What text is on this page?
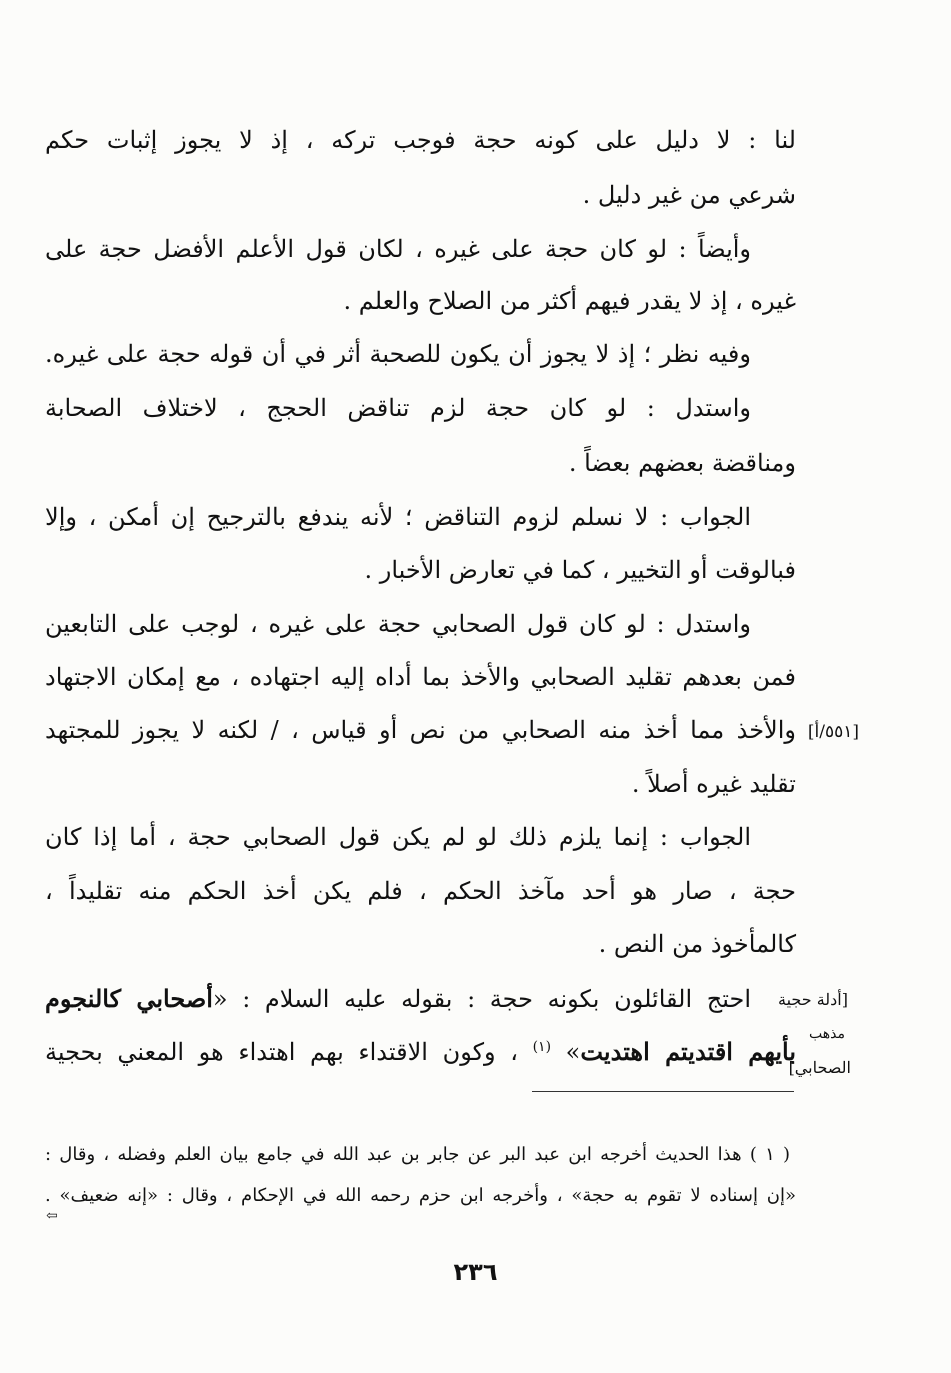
لنا : لا دليل على كونه حجة فوجب تركه ، إذ لا يجوز إثبات حكم
شرعي من غير دليل .
وأيضاً : لو كان حجة على غيره ، لكان قول الأعلم الأفضل حجة على
غيره ، إذ لا يقدر فيهم أكثر من الصلاح والعلم .
وفيه نظر ؛ إذ لا يجوز أن يكون للصحبة أثر في أن قوله حجة على غيره.
واستدل : لو كان حجة لزم تناقض الحجج ، لاختلاف الصحابة
ومناقضة بعضهم بعضاً .
الجواب : لا نسلم لزوم التناقض ؛ لأنه يندفع بالترجيح إن أمكن ، وإلا
فبالوقت أو التخيير ، كما في تعارض الأخبار .
واستدل : لو كان قول الصحابي حجة على غيره ، لوجب على التابعين
فمن بعدهم تقليد الصحابي والأخذ بما أداه إليه اجتهاده ، مع إمكان الاجتهاد
والأخذ مما أخذ منه الصحابي من نص أو قياس ، / لكنه لا يجوز للمجتهد
تقليد غيره أصلاً .
الجواب : إنما يلزم ذلك لو لم يكن قول الصحابي حجة ، أما إذا كان
حجة ، صار هو أحد مآخذ الحكم ، فلم يكن أخذ الحكم منه تقليداً ،
كالمأخوذ من النص .
احتج القائلون بكونه حجة : بقوله عليه السلام : «أصحابي كالنجوم
بأيهم اقتديتم اهتديت» $^{(١)}$ ، وكون الاقتداء بهم اهتداء هو المعني بحجية
[٥٥١/أ]
[أدلة حجية
مذهب
الصحابي]
( ١ ) هذا الحديث أخرجه ابن عبد البر عن جابر بن عبد الله في جامع بيان العلم وفضله ، وقال :
«إن إسناده لا تقوم به حجة» ، وأخرجه ابن حزم رحمه الله في الإحكام ، وقال : «إنه ضعيف» .
⇦
٢٣٦
